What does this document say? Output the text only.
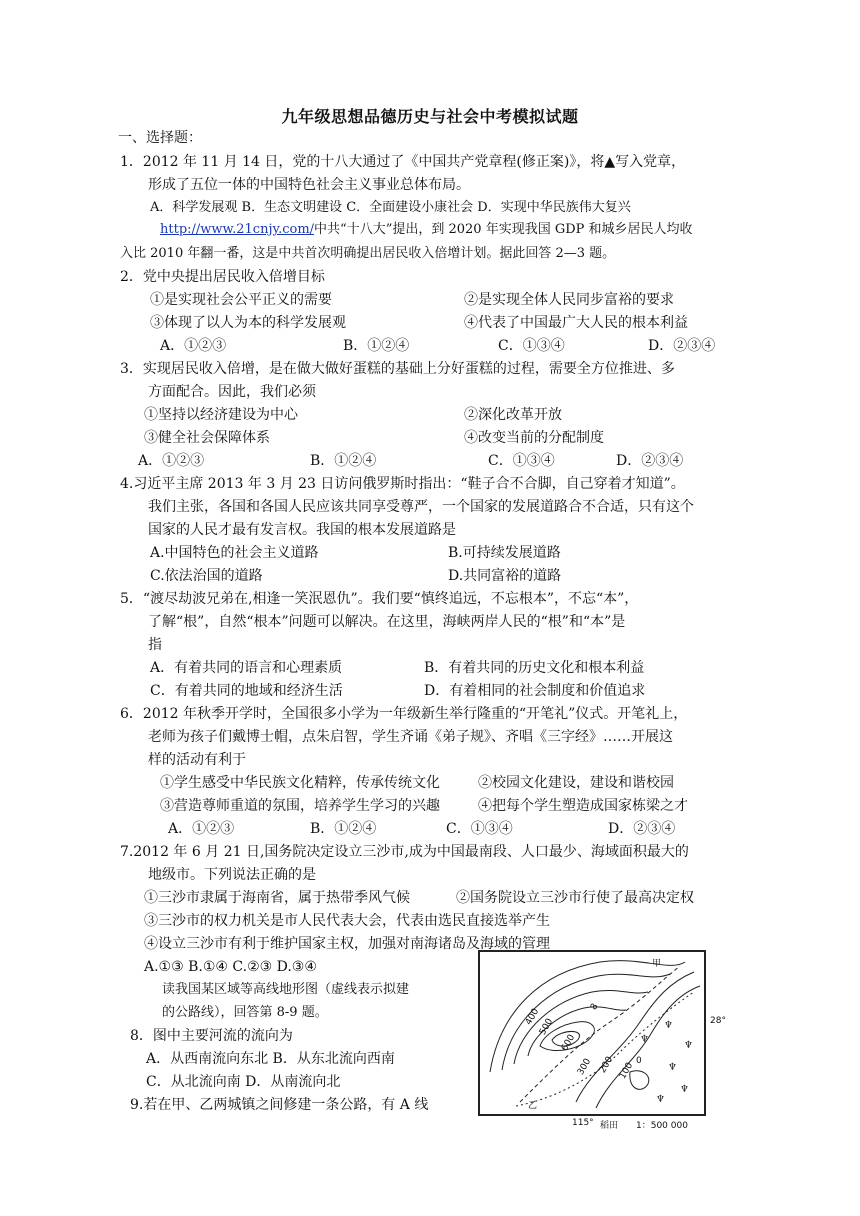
九年级思想品德历史与社会中考模拟试题
一、选择题：
1．2012 年 11 月 14 日，党的十八大通过了《中国共产党章程(修正案)》，将▲写入党章，
形成了五位一体的中国特色社会主义事业总体布局。
A．科学发展观 B．生态文明建设 C．全面建设小康社会 D．实现中华民族伟大复兴
http://www.21cnjy.com/中共“十八大”提出，到 2020 年实现我国 GDP 和城乡居民人均收
入比 2010 年翻一番，这是中共首次明确提出居民收入倍增计划。据此回答 2—3 题。
2．党中央提出居民收入倍增目标
①是实现社会公平正义的需要	②是实现全体人民同步富裕的要求
③体现了以人为本的科学发展观	④代表了中国最广大人民的根本利益
A．①②③	B．①②④	C．①③④	D．②③④
3．实现居民收入倍增，是在做大做好蛋糕的基础上分好蛋糕的过程，需要全方位推进、多
方面配合。因此，我们必须
①坚持以经济建设为中心	②深化改革开放
③健全社会保障体系	④改变当前的分配制度
A．①②③	B．①②④	C．①③④	D．②③④
4.习近平主席 2013 年 3 月 23 日访问俄罗斯时指出：“鞋子合不合脚，自己穿着才知道”。
我们主张，各国和各国人民应该共同享受尊严，一个国家的发展道路合不合适，只有这个
国家的人民才最有发言权。我国的根本发展道路是
A.中国特色的社会主义道路	B.可持续发展道路
C.依法治国的道路	D.共同富裕的道路
5．“渡尽劫波兄弟在,相逢一笑泯恩仇”。我们要“慎终追远，不忘根本”，不忘“本”，
了解“根”，自然“根本”问题可以解决。在这里，海峡两岸人民的“根”和“本”是
指
A．有着共同的语言和心理素质	B．有着共同的历史文化和根本利益
C．有着共同的地域和经济生活	D．有着相同的社会制度和价值追求
6．2012 年秋季开学时，全国很多小学为一年级新生举行隆重的“开笔礼”仪式。开笔礼上，
老师为孩子们戴博士帽，点朱启智，学生齐诵《弟子规》、齐唱《三字经》……开展这
样的活动有利于
①学生感受中华民族文化精粹，传承传统文化	②校园文化建设，建设和谐校园
③营造尊师重道的氛围，培养学生学习的兴趣	④把每个学生塑造成国家栋梁之才
A．①②③	B．①②④	C．①③④	D．②③④
7.2012 年 6 月 21 日,国务院决定设立三沙市,成为中国最南段、人口最少、海域面积最大的
地级市。下列说法正确的是
①三沙市隶属于海南省，属于热带季风气候	②国务院设立三沙市行使了最高决定权
③三沙市的权力机关是市人民代表大会，代表由选民直接选举产生
④设立三沙市有利于维护国家主权，加强对南海诸岛及海域的管理
A.①③ B.①④ C.②③ D.③④
读我国某区域等高线地形图（虚线表示拟建
的公路线），回答第 8-9 题。
8．图中主要河流的流向为
A．从西南流向东北 B．从东北流向西南
C．从北流向南 D．从南流向北
9.若在甲、乙两城镇之间修建一条公路，有 A 线
♆
♆
♆
♆
♆
♆
甲
乙
600
500
400
300 200 100
0
8
28°
115° 稻田 1：500 000
